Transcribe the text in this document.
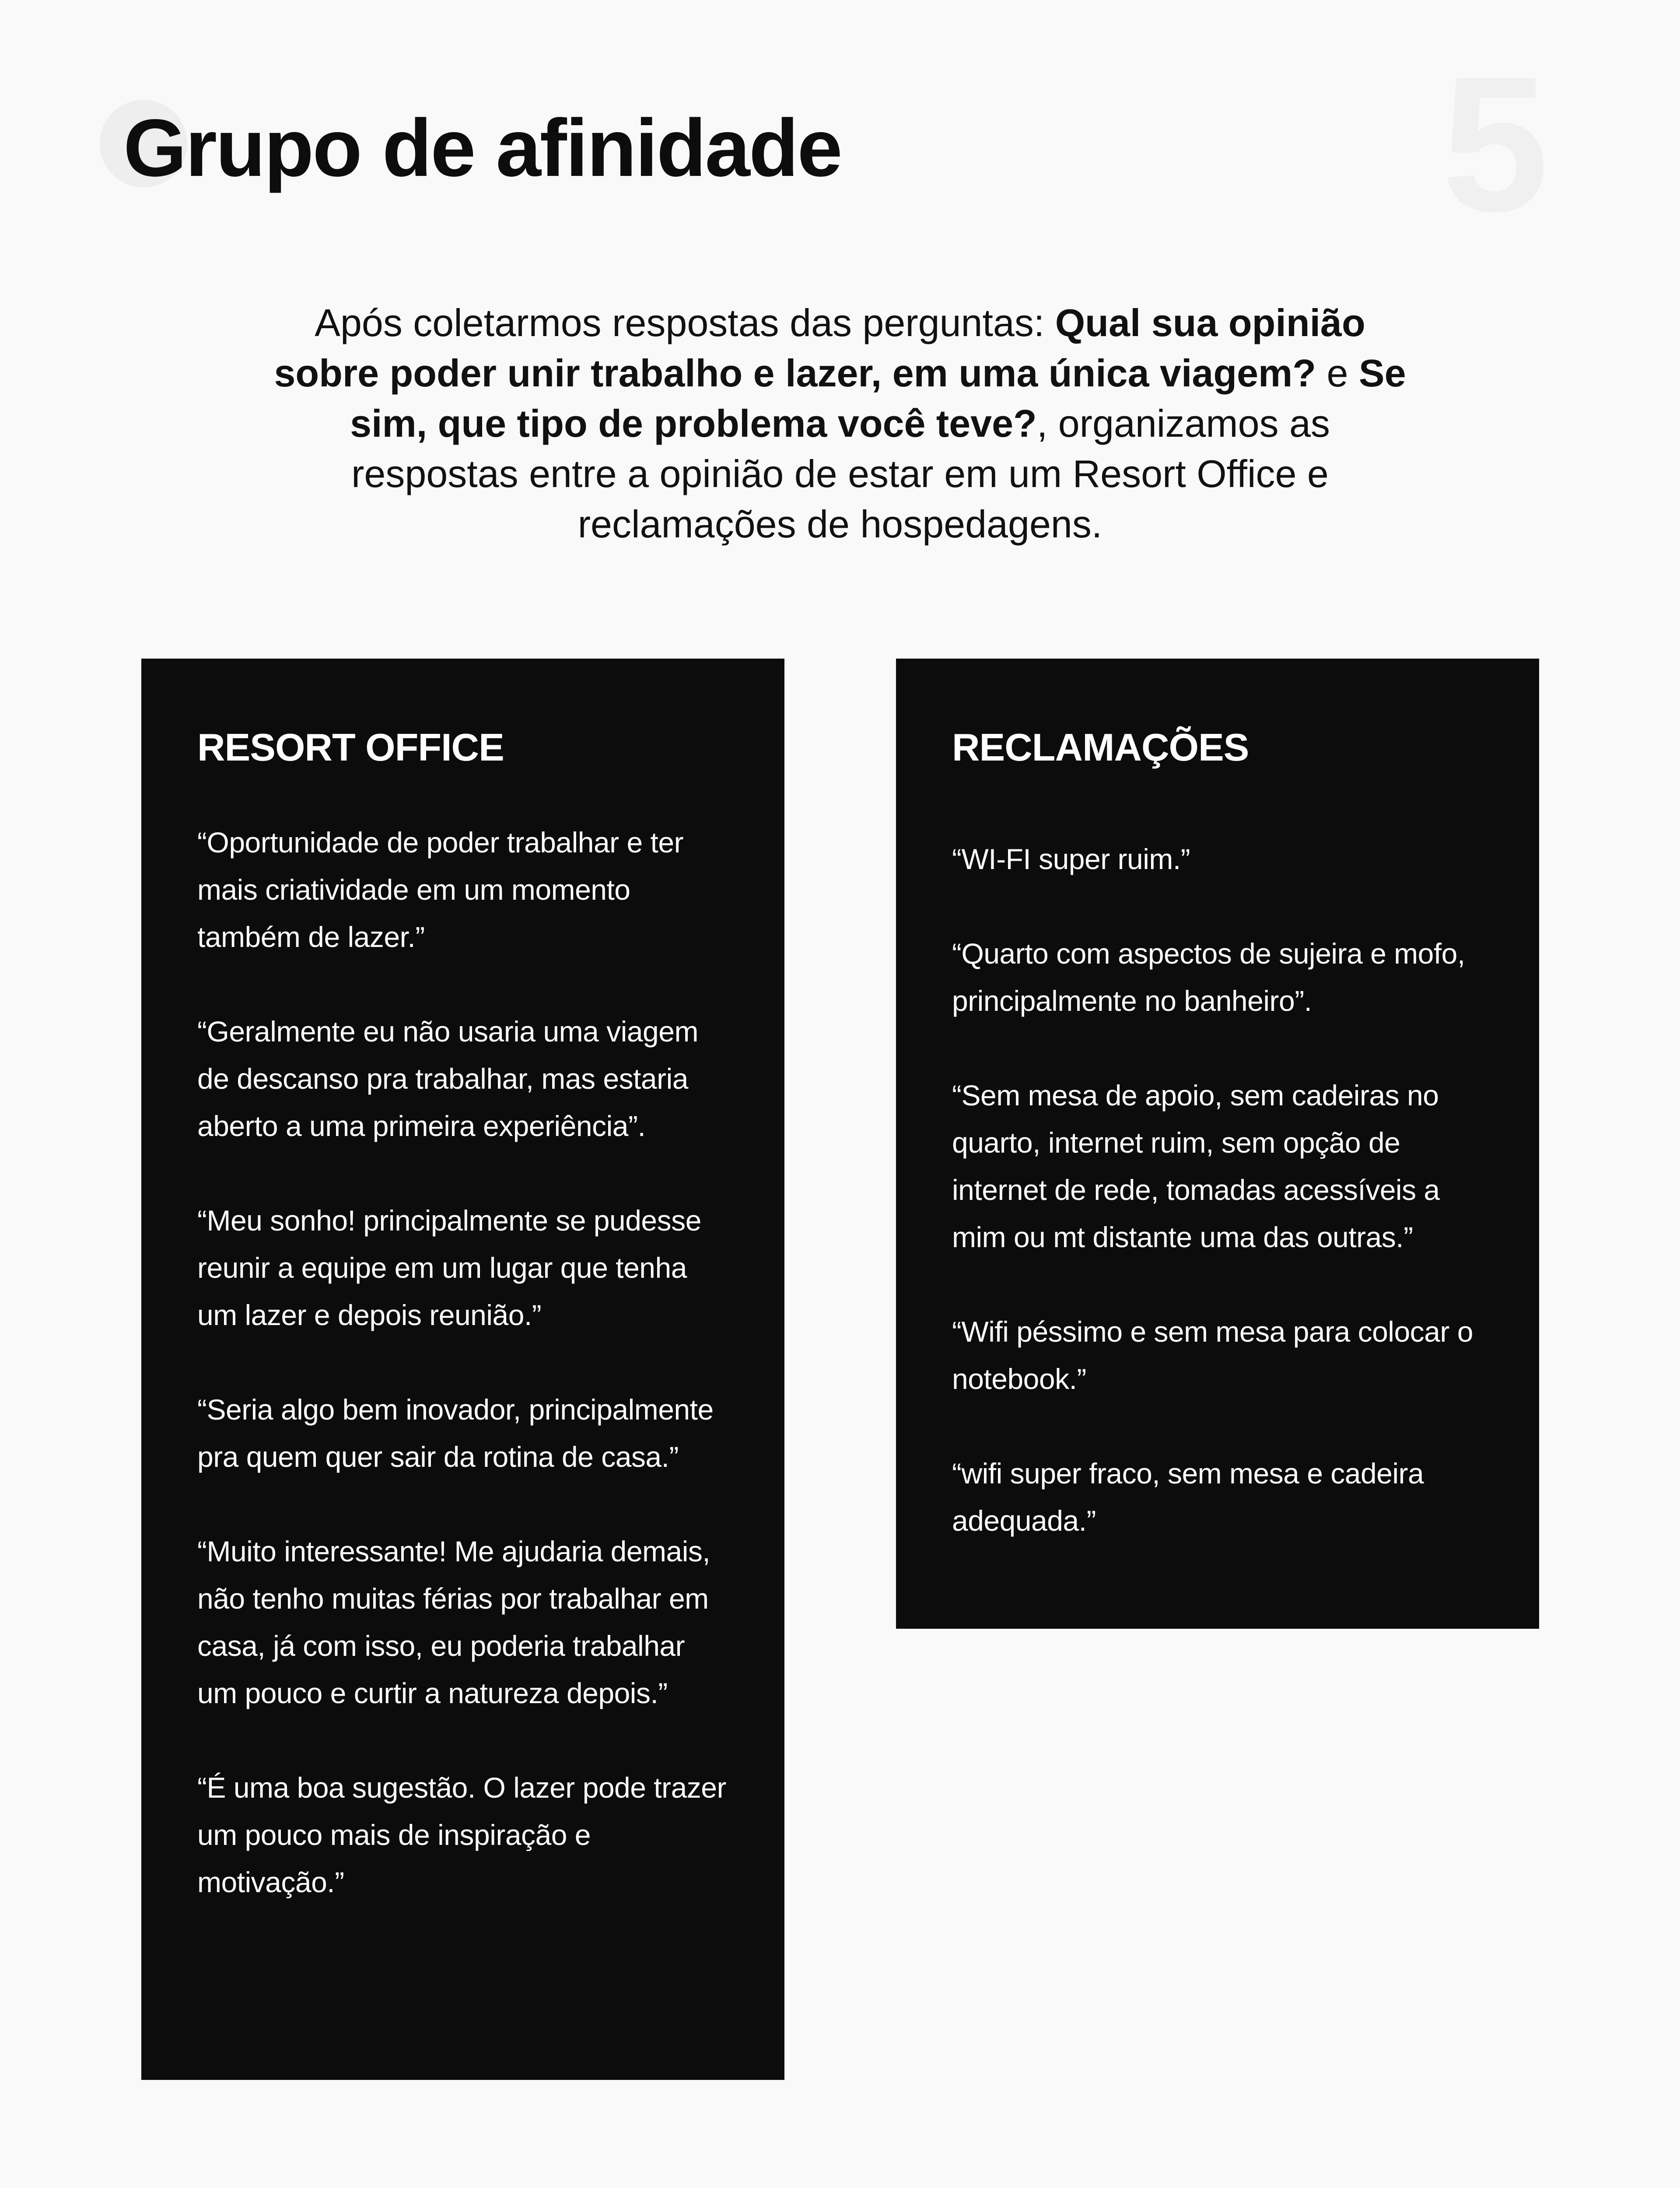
Grupo de afinidade	5

Após coletarmos respostas das perguntas: Qual sua opinião sobre poder unir trabalho e lazer, em uma única viagem? e Se sim, que tipo de problema você teve?, organizamos as respostas entre a opinião de estar em um Resort Office e reclamações de hospedagens.

RESORT OFFICE
“Oportunidade de poder trabalhar e ter mais criatividade em um momento também de lazer.”
“Geralmente eu não usaria uma viagem de descanso pra trabalhar, mas estaria aberto a uma primeira experiência”.
“Meu sonho! principalmente se pudesse reunir a equipe em um lugar que tenha um lazer e depois reunião.”
“Seria algo bem inovador, principalmente pra quem quer sair da rotina de casa.”
“Muito interessante! Me ajudaria demais, não tenho muitas férias por trabalhar em casa, já com isso, eu poderia trabalhar um pouco e curtir a natureza depois.”
“É uma boa sugestão. O lazer pode trazer um pouco mais de inspiração e motivação.”
RECLAMAÇÕES
“WI-FI super ruim.”
“Quarto com aspectos de sujeira e mofo, principalmente no banheiro”.
“Sem mesa de apoio, sem cadeiras no quarto, internet ruim, sem opção de internet de rede, tomadas acessíveis a mim ou mt distante uma das outras.”
“Wifi péssimo e sem mesa para colocar o notebook.”
“wifi super fraco, sem mesa e cadeira adequada.”
